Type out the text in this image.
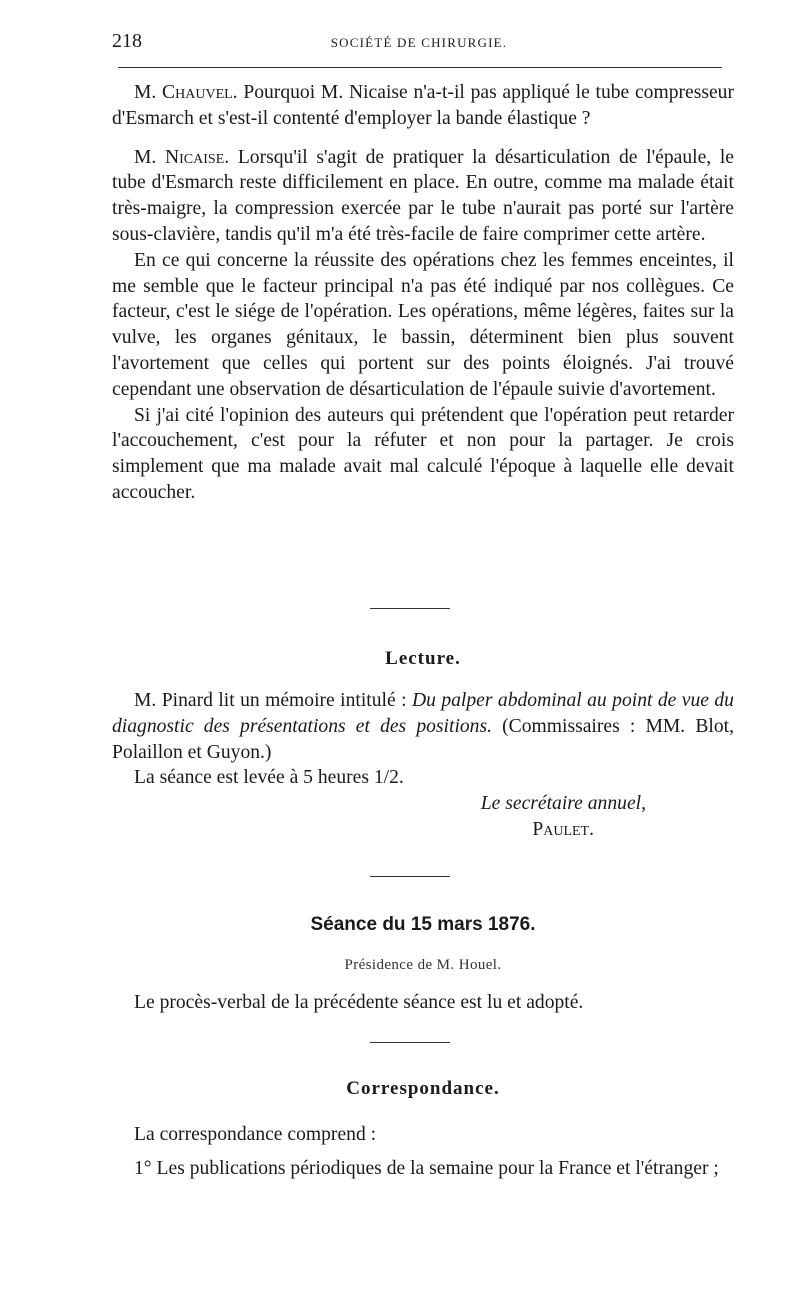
218	SOCIÉTÉ DE CHIRURGIE.

M. Chauvel. Pourquoi M. Nicaise n'a-t-il pas appliqué le tube compresseur d'Esmarch et s'est-il contenté d'employer la bande élastique ?

M. Nicaise. Lorsqu'il s'agit de pratiquer la désarticulation de l'épaule, le tube d'Esmarch reste difficilement en place. En outre, comme ma malade était très-maigre, la compression exercée par le tube n'aurait pas porté sur l'artère sous-clavière, tandis qu'il m'a été très-facile de faire comprimer cette artère.

En ce qui concerne la réussite des opérations chez les femmes enceintes, il me semble que le facteur principal n'a pas été indiqué par nos collègues. Ce facteur, c'est le siége de l'opération. Les opérations, même légères, faites sur la vulve, les organes génitaux, le bassin, déterminent bien plus souvent l'avortement que celles qui portent sur des points éloignés. J'ai trouvé cependant une observation de désarticulation de l'épaule suivie d'avortement.

Si j'ai cité l'opinion des auteurs qui prétendent que l'opération peut retarder l'accouchement, c'est pour la réfuter et non pour la partager. Je crois simplement que ma malade avait mal calculé l'époque à laquelle elle devait accoucher.

Lecture.

M. Pinard lit un mémoire intitulé : Du palper abdominal au point de vue du diagnostic des présentations et des positions. (Commissaires : MM. Blot, Polaillon et Guyon.)

La séance est levée à 5 heures 1/2.

Le secrétaire annuel,
Paulet.
Séance du 15 mars 1876.
Présidence de M. Houel.

Le procès-verbal de la précédente séance est lu et adopté.

Correspondance.

La correspondance comprend :

1° Les publications périodiques de la semaine pour la France et l'étranger ;
